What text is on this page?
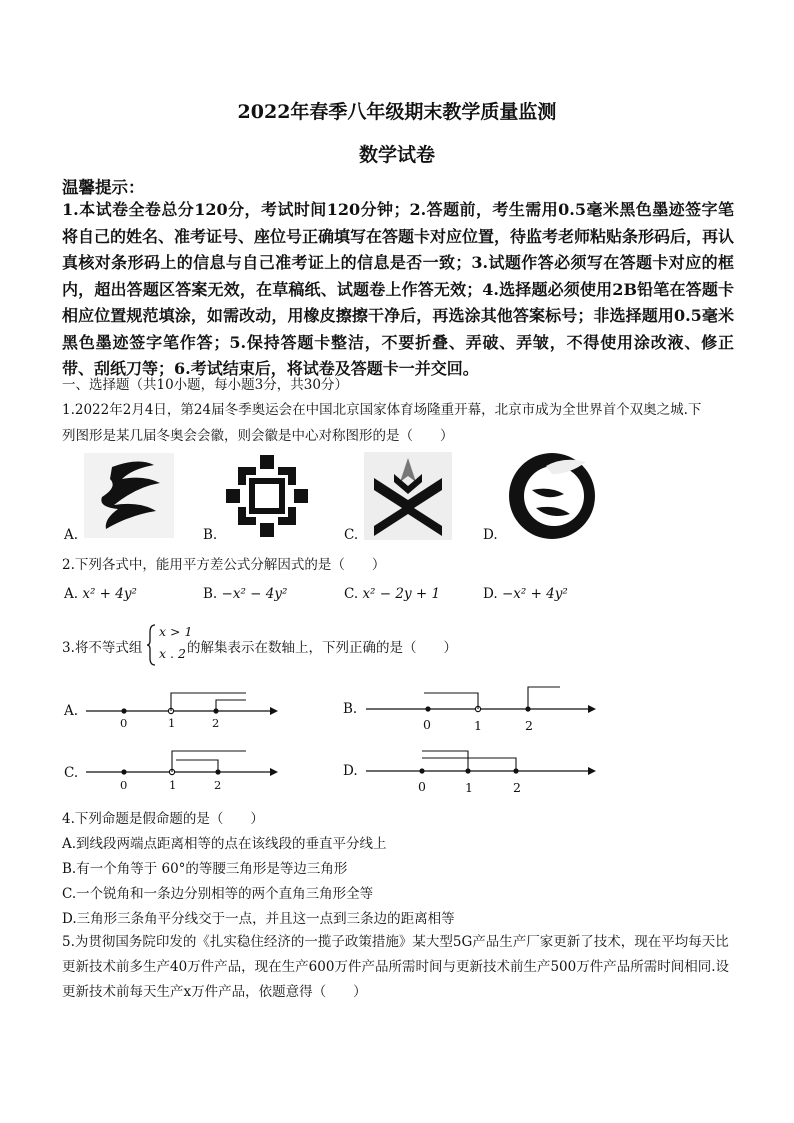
2022年春季八年级期末教学质量监测
数学试卷
温馨提示：
1.本试卷全卷总分120分，考试时间120分钟；2.答题前，考生需用0.5毫米黑色墨迹签字笔将自己的姓名、准考证号、座位号正确填写在答题卡对应位置，待监考老师粘贴条形码后，再认真核对条形码上的信息与自己准考证上的信息是否一致；3.试题作答必须写在答题卡对应的框内，超出答题区答案无效，在草稿纸、试题卷上作答无效；4.选择题必须使用2B铅笔在答题卡相应位置规范填涂，如需改动，用橡皮擦擦干净后，再选涂其他答案标号；非选择题用0.5毫米黑色墨迹签字笔作答；5.保持答题卡整洁，不要折叠、弄破、弄皱，不得使用涂改液、修正带、刮纸刀等；6.考试结束后，将试卷及答题卡一并交回。
一、选择题（共10小题，每小题3分，共30分）
1.2022年2月4日，第24届冬季奥运会在中国北京国家体育场隆重开幕，北京市成为全世界首个双奥之城.下
列图形是某几届冬奥会会徽，则会徽是中心对称图形的是（　　）
A.	B.	C.	D.
2.下列各式中，能用平方差公式分解因式的是（　　）
A. x² + 4y²	B. −x² − 4y²	C. x² − 2y + 1	D. −x² + 4y²
3.将不等式组
x > 1
x . 2 的解集表示在数轴上，下列正确的是（　　）
A.
0	1	2
B.
0	1	2
C.
0	1	2
D.
0	1	2
4.下列命题是假命题的是（　　）
A.到线段两端点距离相等的点在该线段的垂直平分线上
B.有一个角等于 60°的等腰三角形是等边三角形
C.一个锐角和一条边分别相等的两个直角三角形全等
D.三角形三条角平分线交于一点，并且这一点到三条边的距离相等
5.为贯彻国务院印发的《扎实稳住经济的一揽子政策措施》某大型5G产品生产厂家更新了技术，现在平均每天比更新技术前多生产40万件产品，现在生产600万件产品所需时间与更新技术前生产500万件产品所需时间相同.设更新技术前每天生产x万件产品，依题意得（　　）
